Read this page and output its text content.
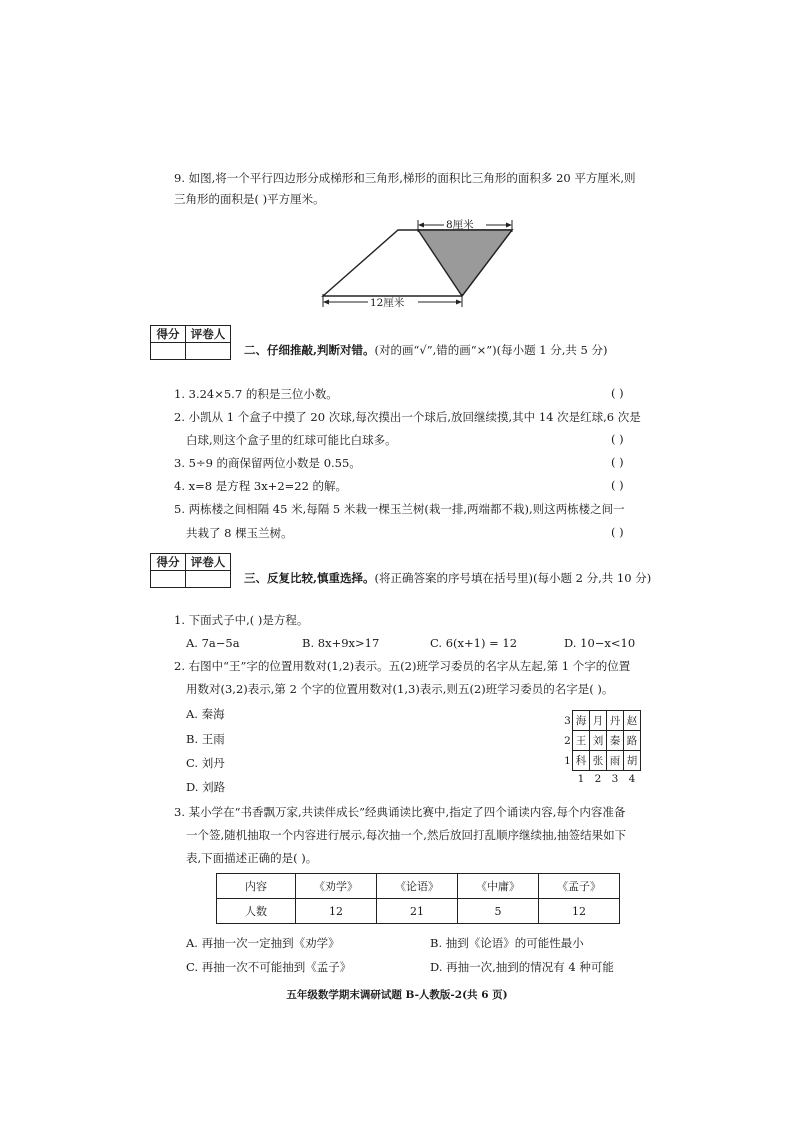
9. 如图,将一个平行四边形分成梯形和三角形,梯形的面积比三角形的面积多 20 平方厘米,则
三角形的面积是( )平方厘米。
8厘米
12厘米
得分	评卷人

二、仔细推敲,判断对错。(对的画“√”,错的画“×”)(每小题 1 分,共 5 分)
1. 3.24×5.7 的积是三位小数。	( )
2. 小凯从 1 个盒子中摸了 20 次球,每次摸出一个球后,放回继续摸,其中 14 次是红球,6 次是
白球,则这个盒子里的红球可能比白球多。	( )
3. 5÷9 的商保留两位小数是 0.55。	( )
4. x=8 是方程 3x+2=22 的解。	( )
5. 两栋楼之间相隔 45 米,每隔 5 米栽一棵玉兰树(栽一排,两端都不栽),则这两栋楼之间一
共栽了 8 棵玉兰树。	( )
得分	评卷人

三、反复比较,慎重选择。(将正确答案的序号填在括号里)(每小题 2 分,共 10 分)
1. 下面式子中,( )是方程。
A. 7a−5a	B. 8x+9x>17	C. 6(x+1) = 12	D. 10−x<10
2. 右图中“王”字的位置用数对(1,2)表示。五(2)班学习委员的名字从左起,第 1 个字的位置
用数对(3,2)表示,第 2 个字的位置用数对(1,3)表示,则五(2)班学习委员的名字是( )。
A. 秦海
B. 王雨
C. 刘丹
D. 刘路
3	海	月	丹	赵
2	王	刘	秦	路
1	科	张	雨	胡
	1	2	3	4
3. 某小学在“书香飘万家,共读伴成长”经典诵读比赛中,指定了四个诵读内容,每个内容准备
一个签,随机抽取一个内容进行展示,每次抽一个,然后放回打乱顺序继续抽,抽签结果如下
表,下面描述正确的是( )。
内容	《劝学》	《论语》	《中庸》	《孟子》
人数	12	21	5	12
A. 再抽一次一定抽到《劝学》	B. 抽到《论语》的可能性最小
C. 再抽一次不可能抽到《孟子》	D. 再抽一次,抽到的情况有 4 种可能
五年级数学期末调研试题 B-人教版-2(共 6 页)
